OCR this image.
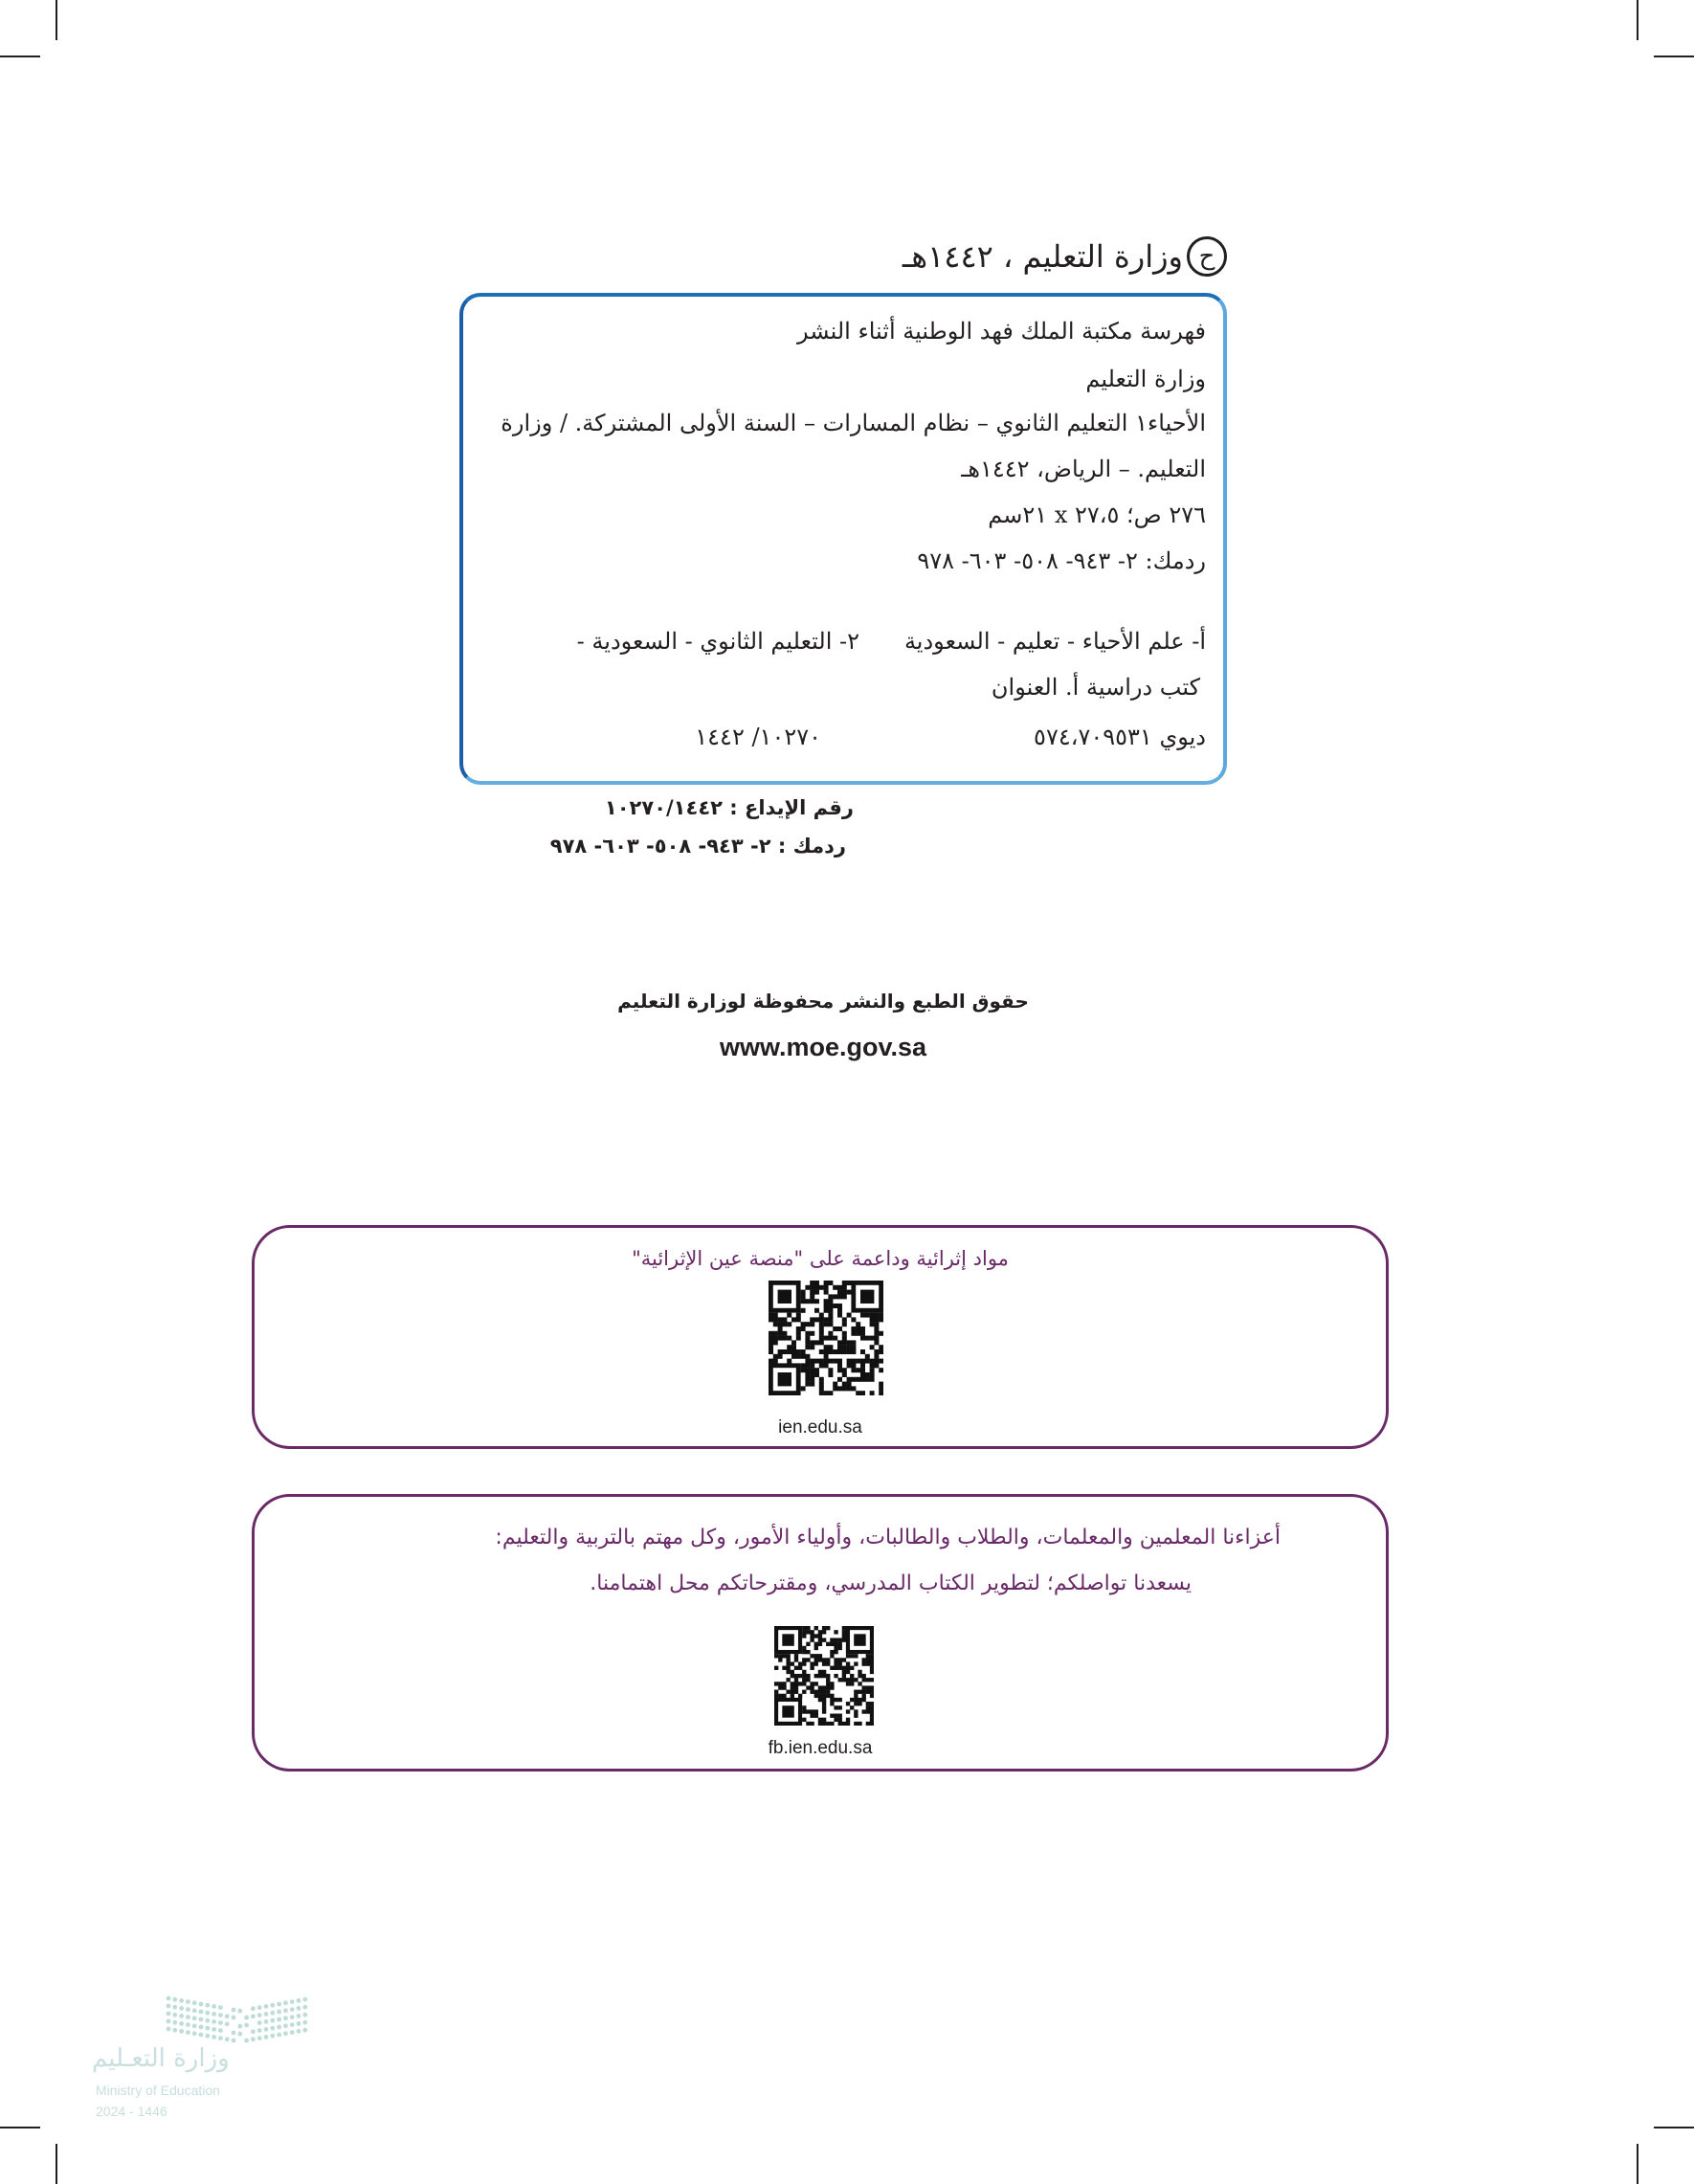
ح
وزارة التعليم ، ١٤٤٢هـ
فهرسة مكتبة الملك فهد الوطنية أثناء النشر
وزارة التعليم
الأحياء١ التعليم الثانوي – نظام المسارات – السنة الأولى المشتركة. / وزارة
التعليم. – الرياض، ١٤٤٢هـ
٢٧٦ ص؛ ٢٧،٥ x ٢١سم
ردمك: ٢- ٩٤٣- ٥٠٨- ٦٠٣- ٩٧٨
أ- علم الأحياء - تعليم - السعودية
٢- التعليم الثانوي - السعودية -
كتب دراسية أ. العنوان
ديوي ٥٧٤،٧٠٩٥٣١
١٠٢٧٠/ ١٤٤٢
رقم الإيداع : ١٠٢٧٠/١٤٤٢
ردمك : ٢- ٩٤٣- ٥٠٨- ٦٠٣- ٩٧٨
حقوق الطبع والنشر محفوظة لوزارة التعليم
www.moe.gov.sa
مواد إثرائية وداعمة على "منصة عين الإثرائية"
ien.edu.sa
أعزاءنا المعلمين والمعلمات، والطلاب والطالبات، وأولياء الأمور، وكل مهتم بالتربية والتعليم:
يسعدنا تواصلكم؛ لتطوير الكتاب المدرسي، ومقترحاتكم محل اهتمامنا.
fb.ien.edu.sa
وزارة التعـليم
Ministry of Education
2024 - 1446
